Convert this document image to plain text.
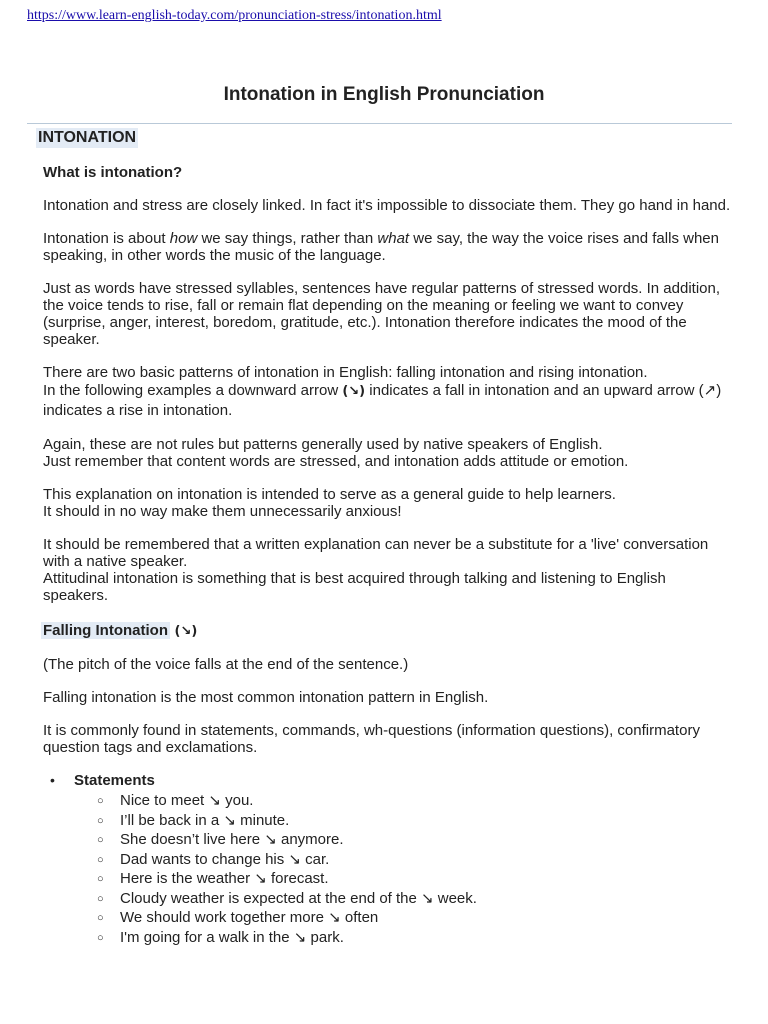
https://www.learn-english-today.com/pronunciation-stress/intonation.html
Intonation in English Pronunciation
INTONATION

What is intonation?

Intonation and stress are closely linked. In fact it's impossible to dissociate them. They go hand in hand.

Intonation is about how we say things, rather than what we say, the way the voice rises and falls when speaking, in other words the music of the language.

Just as words have stressed syllables, sentences have regular patterns of stressed words. In addition, the voice tends to rise, fall or remain flat depending on the meaning or feeling we want to convey (surprise, anger, interest, boredom, gratitude, etc.). Intonation therefore indicates the mood of the speaker.

There are two basic patterns of intonation in English: falling intonation and rising intonation.
In the following examples a downward arrow (↘) indicates a fall in intonation and an upward arrow (↗) indicates a rise in intonation.

Again, these are not rules but patterns generally used by native speakers of English.
Just remember that content words are stressed, and intonation adds attitude or emotion.

This explanation on intonation is intended to serve as a general guide to help learners.
It should in no way make them unnecessarily anxious!

It should be remembered that a written explanation can never be a substitute for a 'live' conversation with a native speaker.
Attitudinal intonation is something that is best acquired through talking and listening to English speakers.

Falling Intonation (↘)

(The pitch of the voice falls at the end of the sentence.)

Falling intonation is the most common intonation pattern in English.

It is commonly found in statements, commands, wh-questions (information questions), confirmatory question tags and exclamations.

• Statements
○ Nice to meet ↘ you.
○ I’ll be back in a ↘ minute.
○ She doesn’t live here ↘ anymore.
○ Dad wants to change his ↘ car.
○ Here is the weather ↘ forecast.
○ Cloudy weather is expected at the end of the ↘ week.
○ We should work together more ↘ often
○ I'm going for a walk in the ↘ park.
